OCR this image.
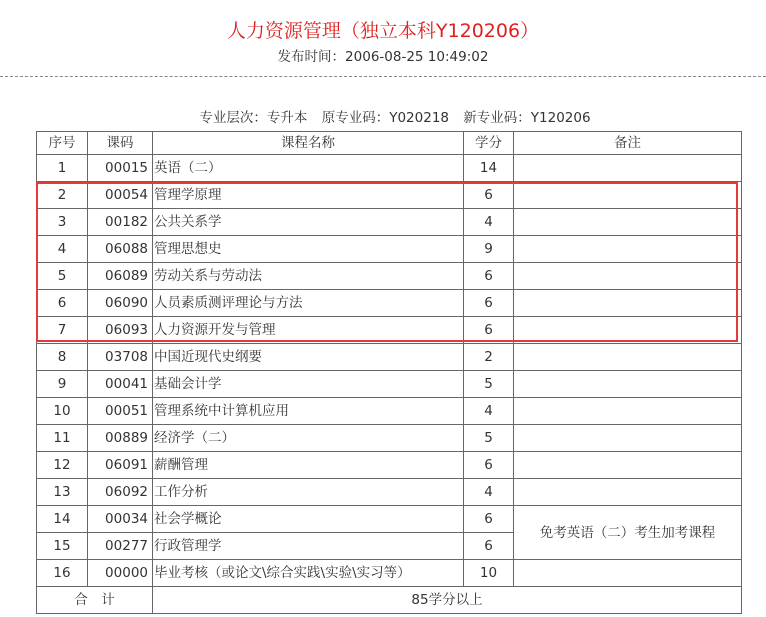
人力资源管理（独立本科Y120206）
发布时间：2006-08-25 10:49:02
专业层次：专升本 原专业码：Y020218 新专业码：Y120206
序号	课码	课程名称	学分	备注
1	00015	英语（二）	14	
2	00054	管理学原理	6	
3	00182	公共关系学	4	
4	06088	管理思想史	9	
5	06089	劳动关系与劳动法	6	
6	06090	人员素质测评理论与方法	6	
7	06093	人力资源开发与管理	6	
8	03708	中国近现代史纲要	2	
9	00041	基础会计学	5	
10	00051	管理系统中计算机应用	4	
11	00889	经济学（二）	5	
12	06091	薪酬管理	6	
13	06092	工作分析	4	
14	00034	社会学概论	6	免考英语（二）考生加考课程
15	00277	行政管理学	6	
16	00000	毕业考核（或论文\综合实践\实验\实习等）	10	
合　计		85学分以上		
